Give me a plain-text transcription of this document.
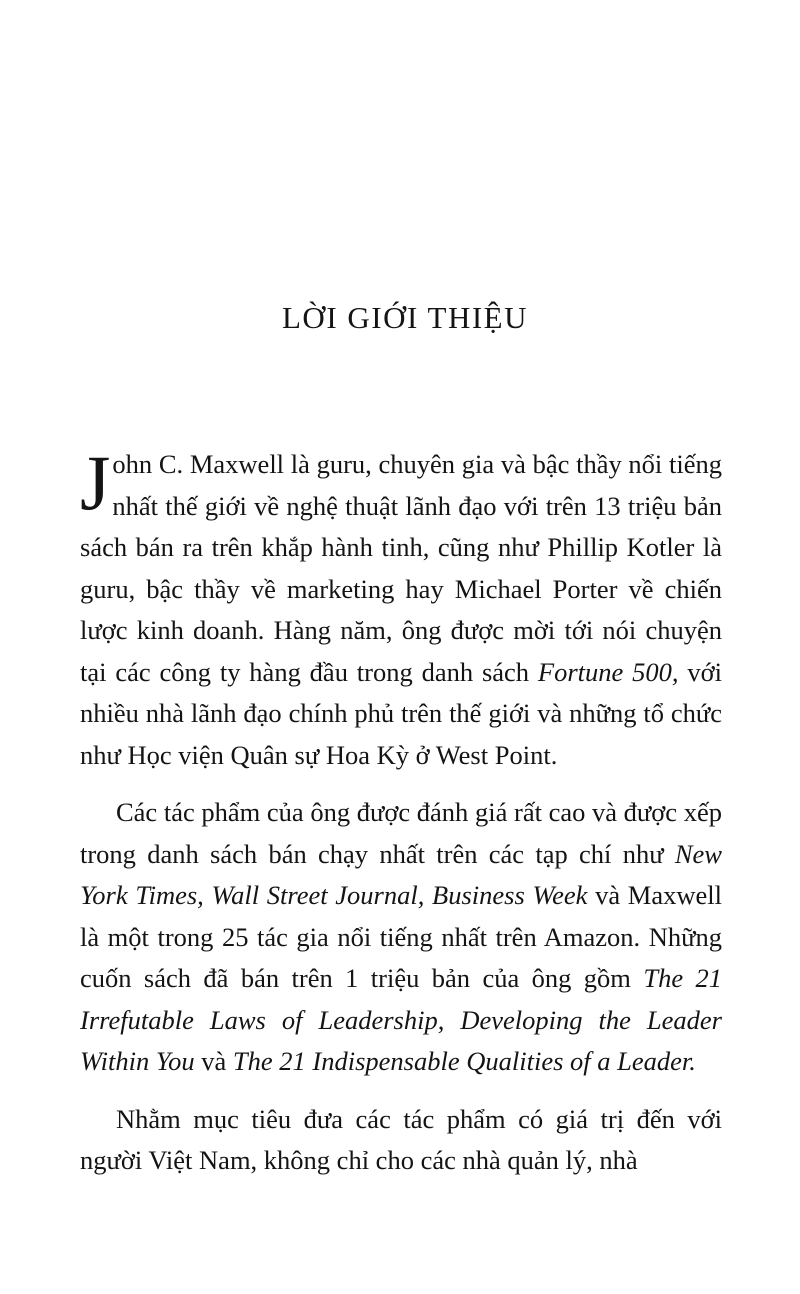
LỜI GIỚI THIỆU

John C. Maxwell là guru, chuyên gia và bậc thầy nổi tiếng nhất thế giới về nghệ thuật lãnh đạo với trên 13 triệu bản sách bán ra trên khắp hành tinh, cũng như Phillip Kotler là guru, bậc thầy về marketing hay Michael Porter về chiến lược kinh doanh. Hàng năm, ông được mời tới nói chuyện tại các công ty hàng đầu trong danh sách Fortune 500, với nhiều nhà lãnh đạo chính phủ trên thế giới và những tổ chức như Học viện Quân sự Hoa Kỳ ở West Point.

Các tác phẩm của ông được đánh giá rất cao và được xếp trong danh sách bán chạy nhất trên các tạp chí như New York Times, Wall Street Journal, Business Week và Maxwell là một trong 25 tác gia nổi tiếng nhất trên Amazon. Những cuốn sách đã bán trên 1 triệu bản của ông gồm The 21 Irrefutable Laws of Leadership, Developing the Leader Within You và The 21 Indispensable Qualities of a Leader.

Nhằm mục tiêu đưa các tác phẩm có giá trị đến với người Việt Nam, không chỉ cho các nhà quản lý, nhà
